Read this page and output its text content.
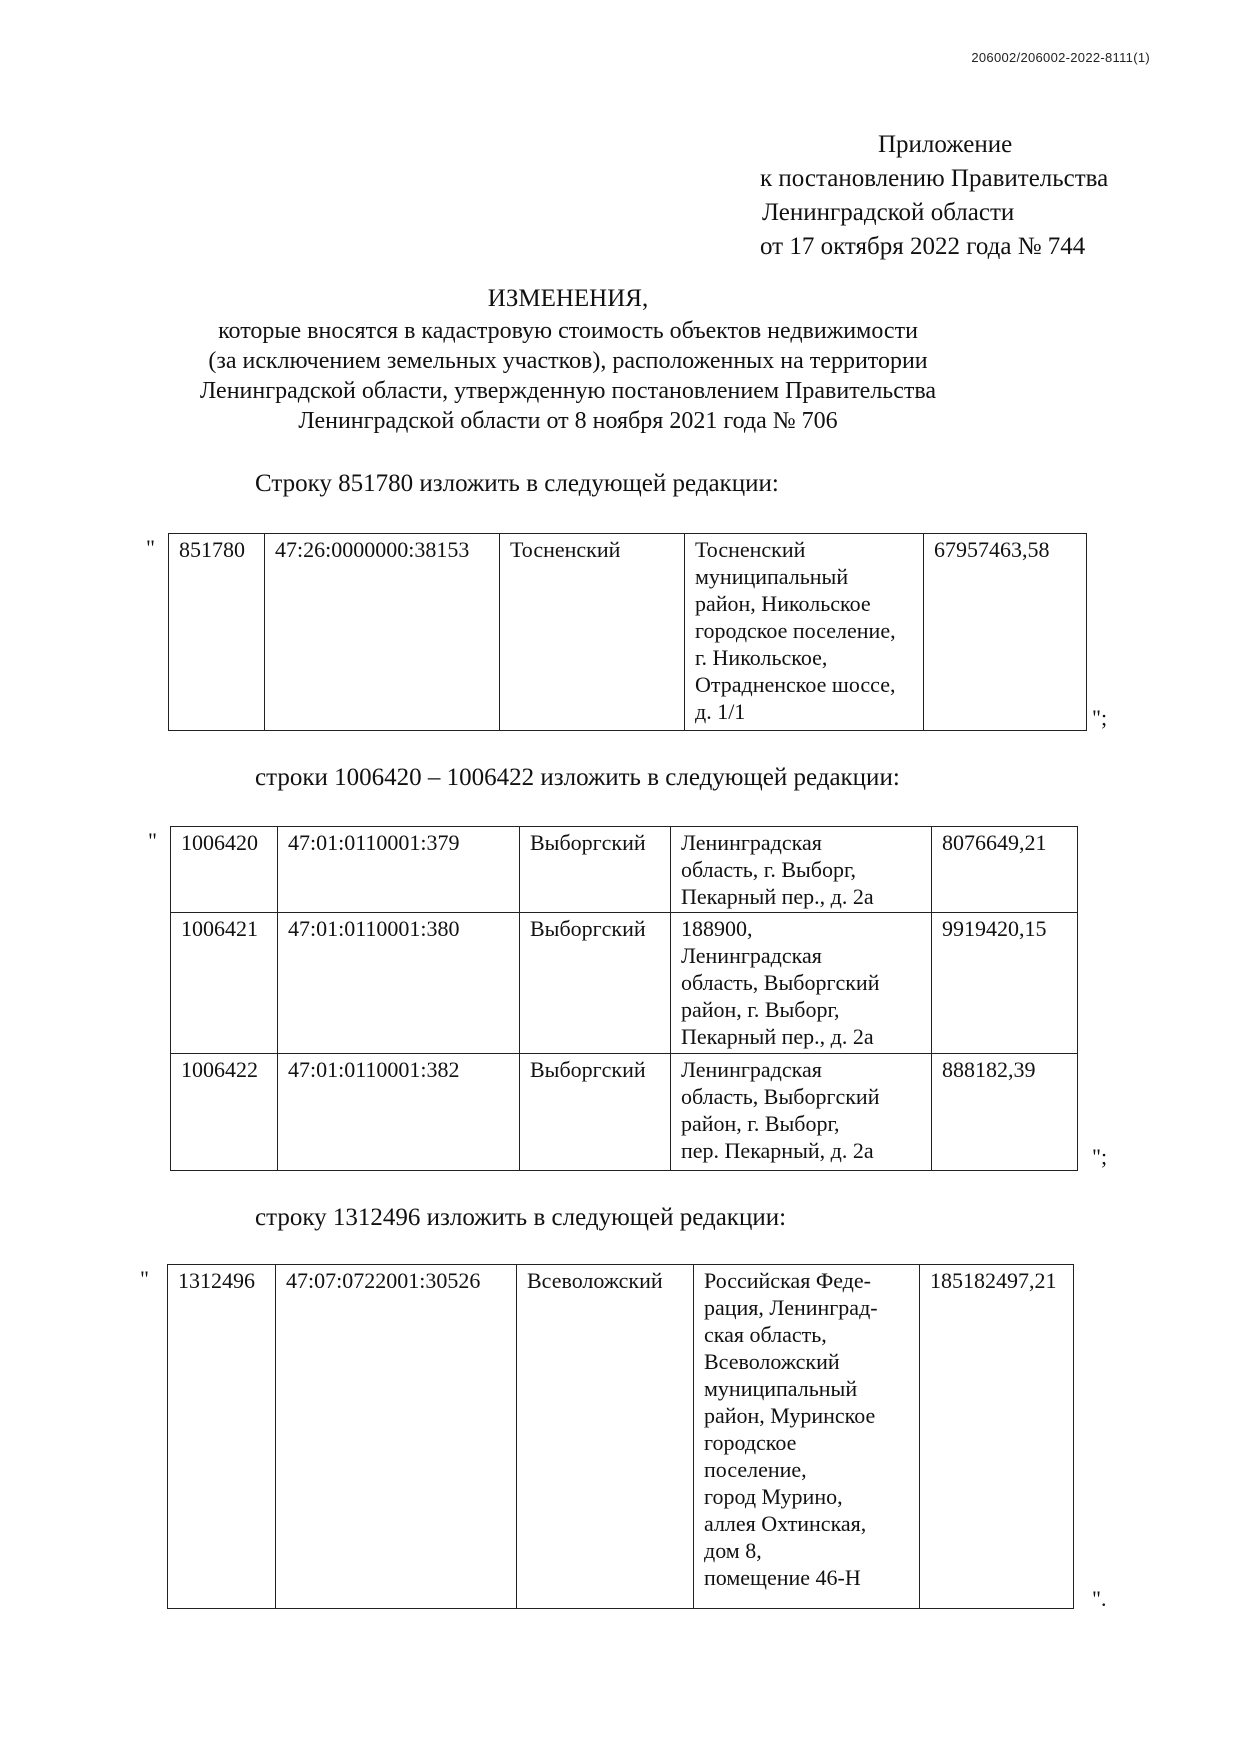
206002/206002-2022-8111(1)
Приложение
к постановлению Правительства
Ленинградской области
от 17 октября 2022 года № 744
ИЗМЕНЕНИЯ,
которые вносятся в кадастровую стоимость объектов недвижимости
(за исключением земельных участков), расположенных на территории
Ленинградской области, утвержденную постановлением Правительства
Ленинградской области от 8 ноября 2021 года № 706
Строку 851780 изложить в следующей редакции:
" 851780	47:26:0000000:38153	Тосненский	Тосненский
муниципальный
район, Никольское
городское поселение,
г. Никольское,
Отрадненское шоссе,
д. 1/1	67957463,58
";
строки 1006420 – 1006422 изложить в следующей редакции:
" 1006420	47:01:0110001:379	Выборгский	Ленинградская
область, г. Выборг,
Пекарный пер., д. 2а	8076649,21
1006421	47:01:0110001:380	Выборгский	188900,
Ленинградская
область, Выборгский
район, г. Выборг,
Пекарный пер., д. 2а	9919420,15
1006422	47:01:0110001:382	Выборгский	Ленинградская
область, Выборгский
район, г. Выборг,
пер. Пекарный, д. 2а	888182,39
";
строку 1312496 изложить в следующей редакции:
" 1312496	47:07:0722001:30526	Всеволожский	Российская Феде-
рация, Ленинград-
ская область,
Всеволожский
муниципальный
район, Муринское
городское
поселение,
город Мурино,
аллея Охтинская,
дом 8,
помещение 46-Н	185182497,21
".
